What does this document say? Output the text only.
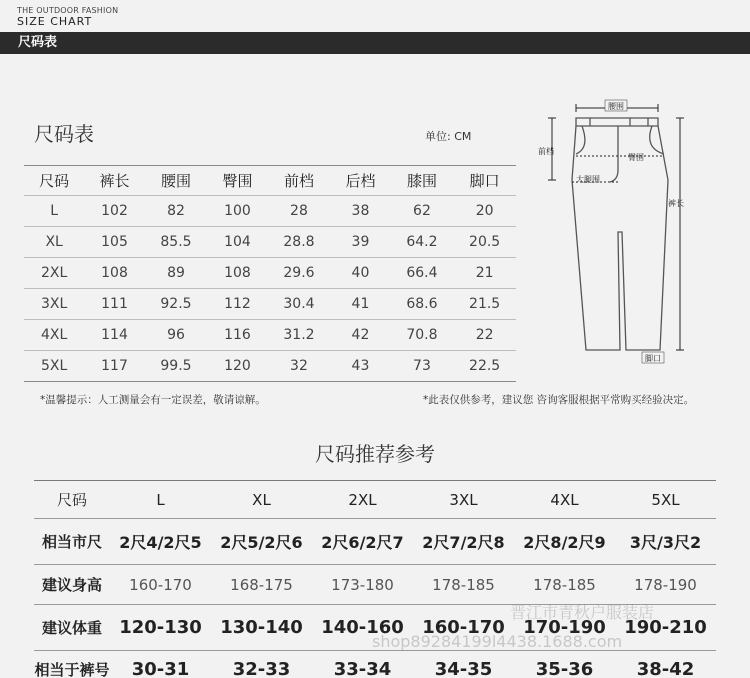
THE OUTDOOR FASHION
SIZE CHART
尺码表
尺码表	单位: CM
尺码	裤长	腰围	臀围	前档	后档	膝围	脚口
L	102	82	100	28	38	62	20
XL	105	85.5	104	28.8	39	64.2	20.5
2XL	108	89	108	29.6	40	66.4	21
3XL	111	92.5	112	30.4	41	68.6	21.5
4XL	114	96	116	31.2	42	70.8	22
5XL	117	99.5	120	32	43	73	22.5
*温馨提示：人工测量会有一定误差，敬请谅解。	*此表仅供参考，建议您 咨询客服根据平常购买经验决定。
腰围
前档
臀围
大腿围
裤长
脚口
尺码推荐参考
尺码	L	XL	2XL	3XL	4XL	5XL
相当市尺	2尺4/2尺5	2尺5/2尺6	2尺6/2尺7	2尺7/2尺8	2尺8/2尺9	3尺/3尺2
建议身高	160-170	168-175	173-180	178-185	178-185	178-190
建议体重	120-130	130-140	140-160	160-170	170-190	190-210
相当于裤号	30-31	32-33	33-34	34-35	35-36	38-42
晋江市青秋户服装店
shop89284199l4438.1688.com
